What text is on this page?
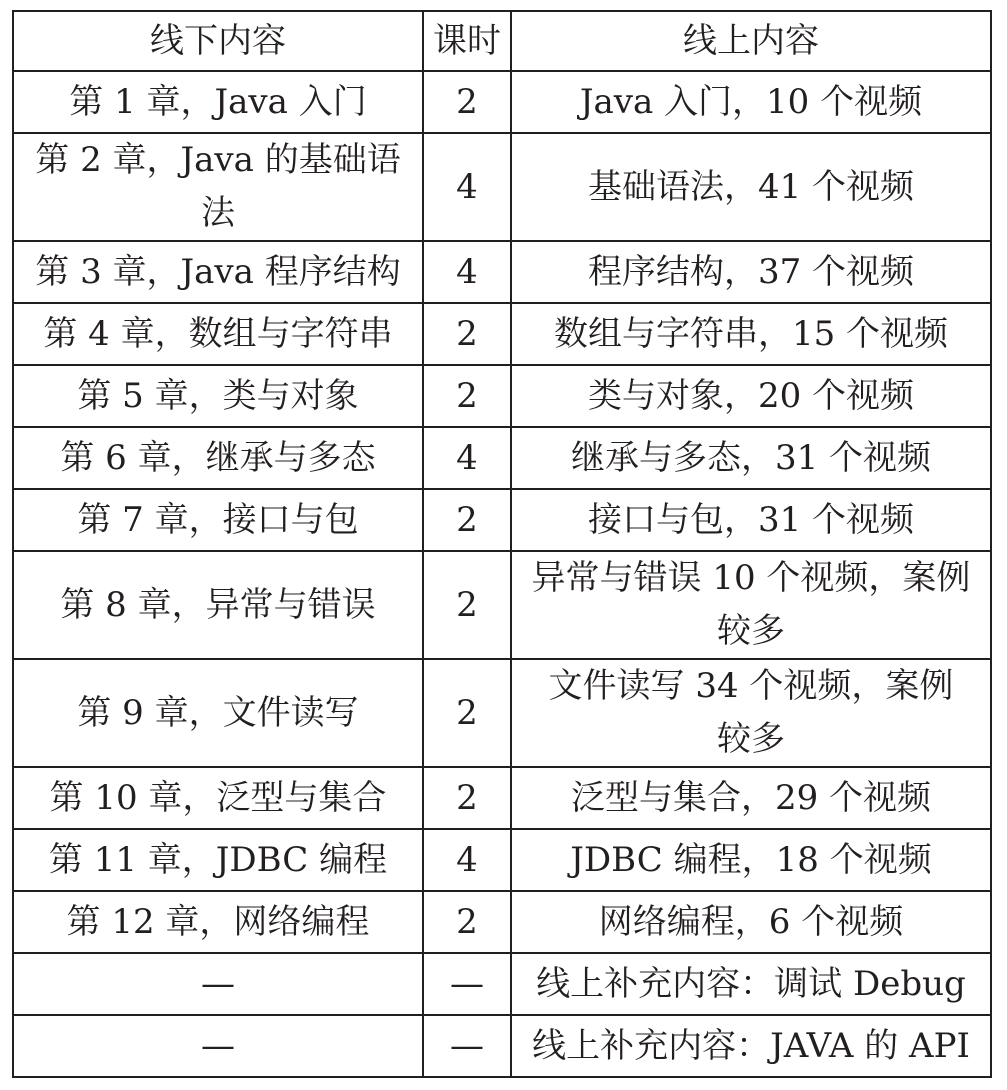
线下内容	课时	线上内容
第 1 章，Java 入门	2	Java 入门，10 个视频
第 2 章，Java 的基础语法	4	基础语法，41 个视频
第 3 章，Java 程序结构	4	程序结构，37 个视频
第 4 章，数组与字符串	2	数组与字符串，15 个视频
第 5 章，类与对象	2	类与对象，20 个视频
第 6 章，继承与多态	4	继承与多态，31 个视频
第 7 章，接口与包	2	接口与包，31 个视频
第 8 章，异常与错误	2	异常与错误 10 个视频，案例较多
第 9 章，文件读写	2	文件读写 34 个视频，案例较多
第 10 章，泛型与集合	2	泛型与集合，29 个视频
第 11 章，JDBC 编程	4	JDBC 编程，18 个视频
第 12 章，网络编程	2	网络编程，6 个视频
—	—	线上补充内容：调试 Debug
—	—	线上补充内容：JAVA 的 API
